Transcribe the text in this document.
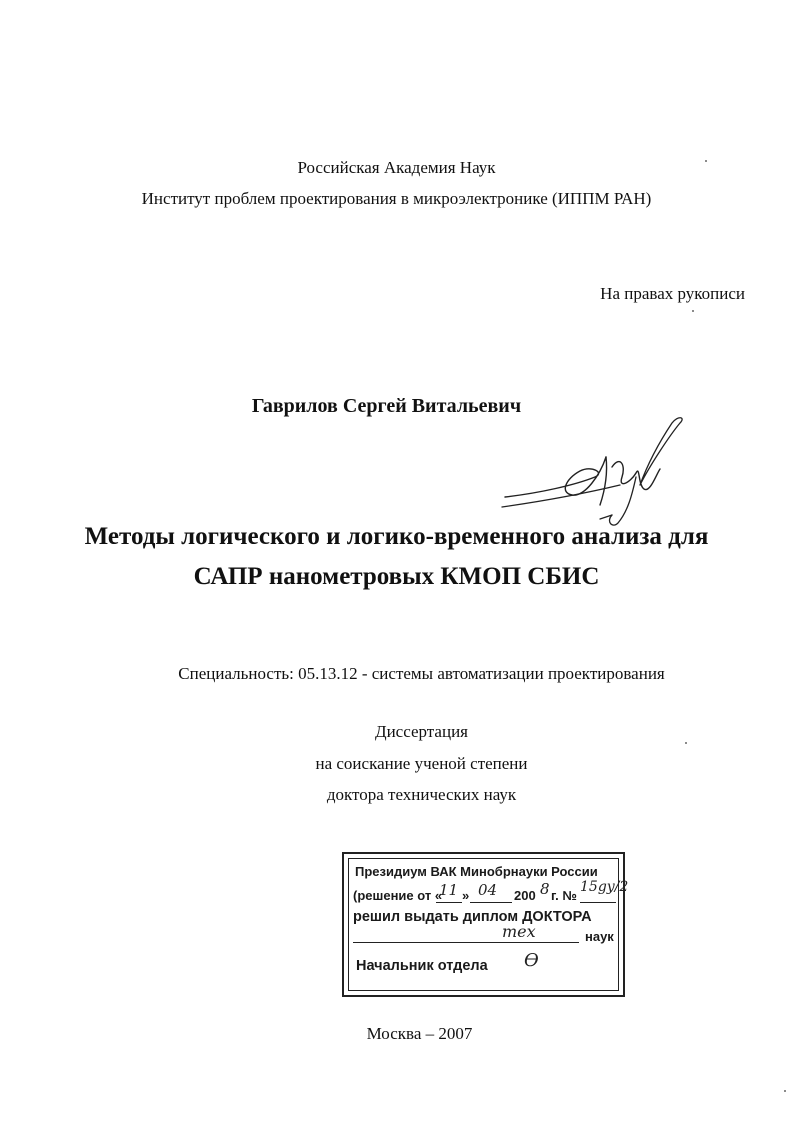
Российская Академия Наук
Институт проблем проектирования в микроэлектронике (ИППМ РАН)
На правах рукописи
Гаврилов Сергей Витальевич
Методы логического и логико-временного анализа для
САПР нанометровых КМОП СБИС
Специальность: 05.13.12 - системы автоматизации проектирования
Диссертация
на соискание ученой степени
доктора технических наук
Президиум ВАК Минобрнауки России
(решение от «
11 » 04 200 8 г. №
15gy/2
решил выдать диплом ДОКТОРА
тех	наук
Начальник отдела Ѳ
Москва – 2007
